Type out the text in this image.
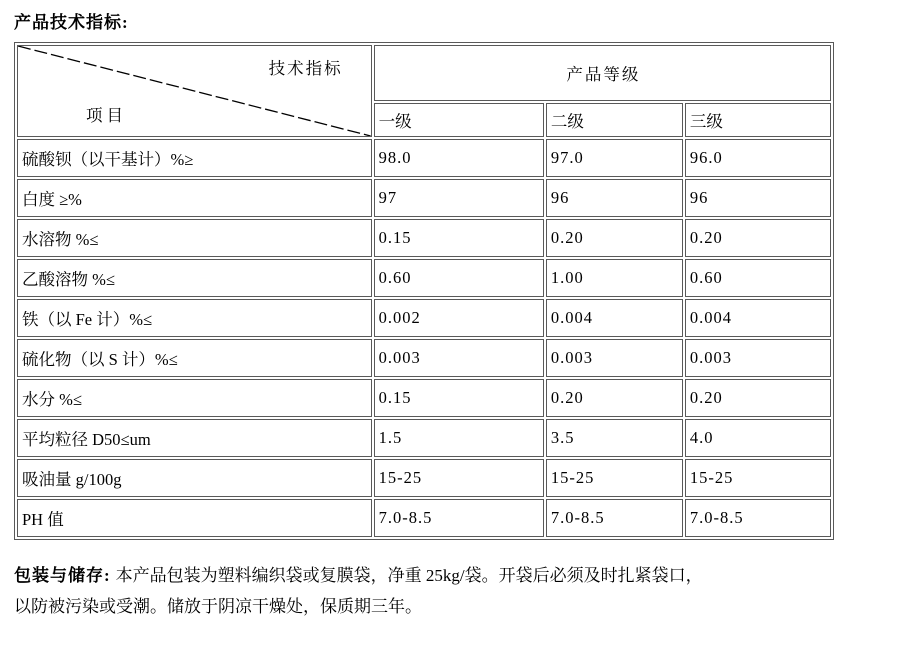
产品技术指标:
技术指标
项目	产品等级		
	一级	二级	三级
硫酸钡（以干基计）%≥	98.0	97.0	96.0
白度 ≥%	97	96	96
水溶物 %≤	0.15	0.20	0.20
乙酸溶物 %≤	0.60	1.00	0.60
铁（以 Fe 计）%≤	0.002	0.004	0.004
硫化物（以 S 计）%≤	0.003	0.003	0.003
水分 %≤	0.15	0.20	0.20
平均粒径 D50≤um	1.5	3.5	4.0
吸油量 g/100g	15-25	15-25	15-25
PH 值	7.0-8.5	7.0-8.5	7.0-8.5

包装与储存: 本产品包装为塑料编织袋或复膜袋，净重 25kg/袋。开袋后必须及时扎紧袋口，
以防被污染或受潮。储放于阴凉干燥处，保质期三年。
